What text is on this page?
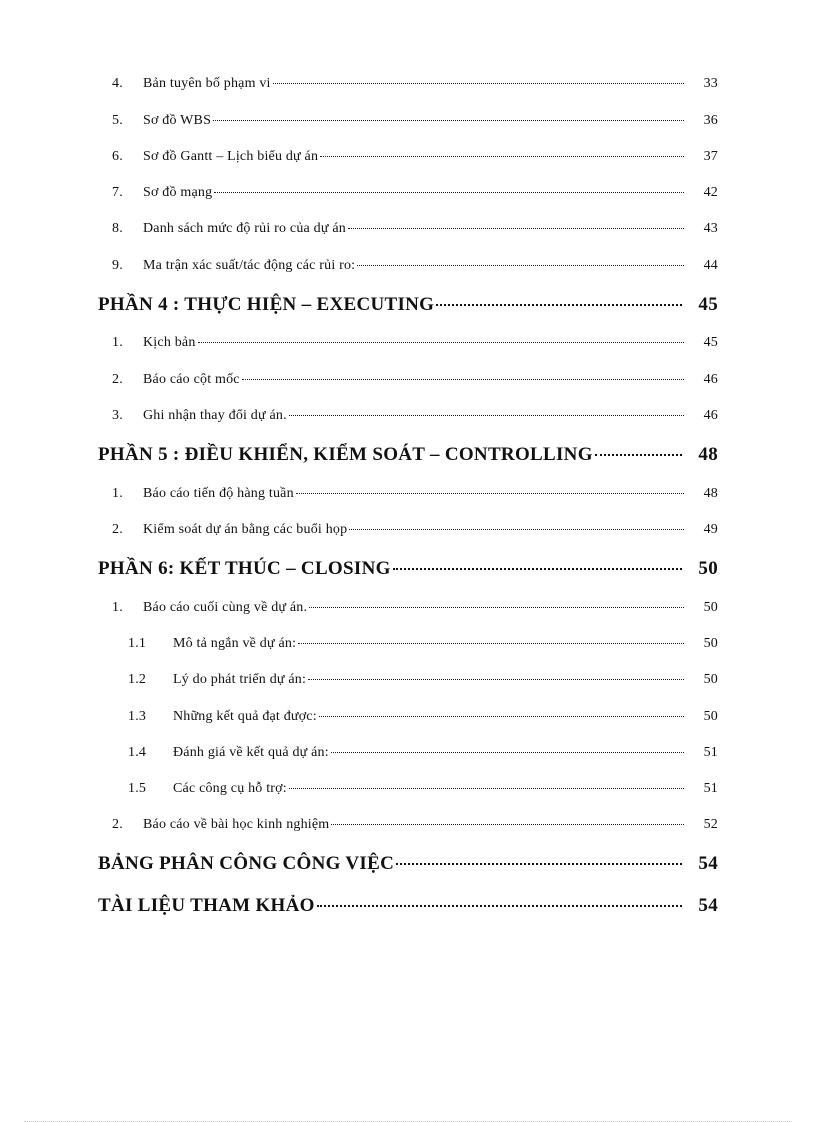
4.	Bản tuyên bố phạm vi	33
5.	Sơ đồ WBS	36
6.	Sơ đồ Gantt – Lịch biểu dự án	37
7.	Sơ đồ mạng	42
8.	Danh sách mức độ rủi ro của dự án	43
9.	Ma trận xác suất/tác động các rủi ro:	44
PHẦN 4 : THỰC HIỆN – EXECUTING	45
1.	Kịch bản	45
2.	Báo cáo cột mốc	46
3.	Ghi nhận thay đổi dự án.	46
PHẦN 5 : ĐIỀU KHIỂN, KIỂM SOÁT – CONTROLLING	48
1.	Báo cáo tiến độ hàng tuần	48
2.	Kiểm soát dự án bằng các buổi họp	49
PHẦN 6: KẾT THÚC – CLOSING	50
1.	Báo cáo cuối cùng về dự án.	50
1.1	Mô tả ngắn về dự án:	50
1.2	Lý do phát triển dự án:	50
1.3	Những kết quả đạt được:	50
1.4	Đánh giá về kết quả dự án:	51
1.5	Các công cụ hỗ trợ:	51
2.	Báo cáo về bài học kinh nghiệm	52
BẢNG PHÂN CÔNG CÔNG VIỆC	54
TÀI LIỆU THAM KHẢO	54
